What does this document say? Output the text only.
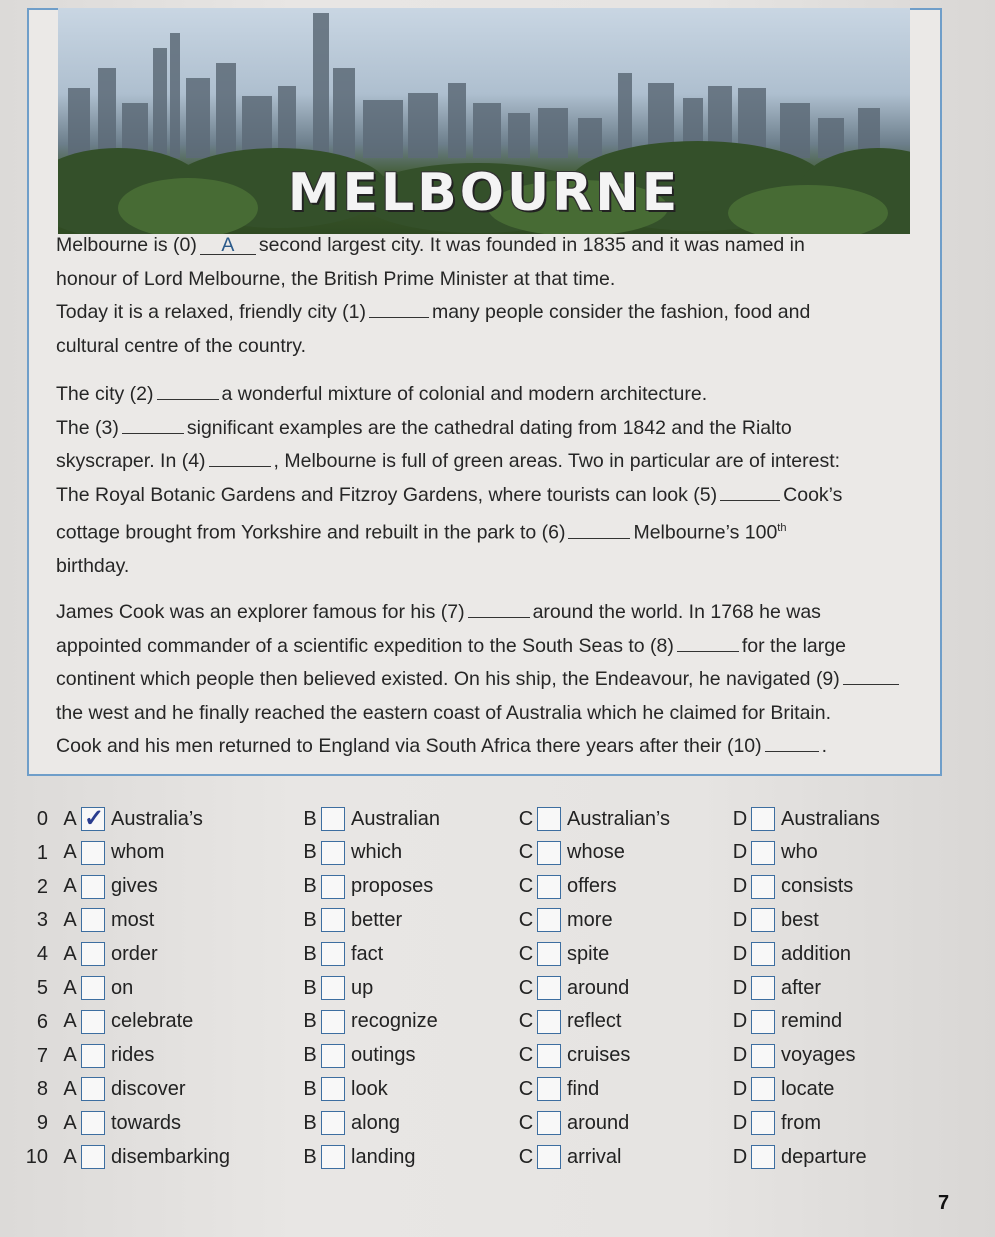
MELBOURNE

Melbourne is (0) A second largest city. It was founded in 1835 and it was named in

honour of Lord Melbourne, the British Prime Minister at that time.

Today it is a relaxed, friendly city (1)	many people consider the fashion, food and

cultural centre of the country.

The city (2)	a wonderful mixture of colonial and modern architecture.

The (3)	significant examples are the cathedral dating from 1842 and the Rialto

skyscraper. In (4)	, Melbourne is full of green areas. Two in particular are of interest:

The Royal Botanic Gardens and Fitzroy Gardens, where tourists can look (5)	Cook’s

cottage brought from Yorkshire and rebuilt in the park to (6)	Melbourne’s 100th

birthday.

James Cook was an explorer famous for his (7)	around the world. In 1768 he was

appointed commander of a scientific expedition to the South Seas to (8)	for the large

continent which people then believed existed. On his ship, the Endeavour, he navigated (9)

the west and he finally reached the eastern coast of Australia which he claimed for Britain.

Cook and his men returned to England via South Africa there years after their (10)	.

0 A
✓ Australia’s	B Australian	C Australian’s	D Australians
1 A whom	B which	C whose	D who
2 A gives	B proposes	C offers	D consists
3 A most	B better	C more	D best
4 A order	B fact	C spite	D addition
5 A on	B up	C around	D after
6 A celebrate	B recognize	C reflect	D remind
7 A rides	B outings	C cruises	D voyages
8 A discover	B look	C find	D locate
9 A towards	B along	C around	D from
10 A disembarking	B landing	C arrival	D departure
7
